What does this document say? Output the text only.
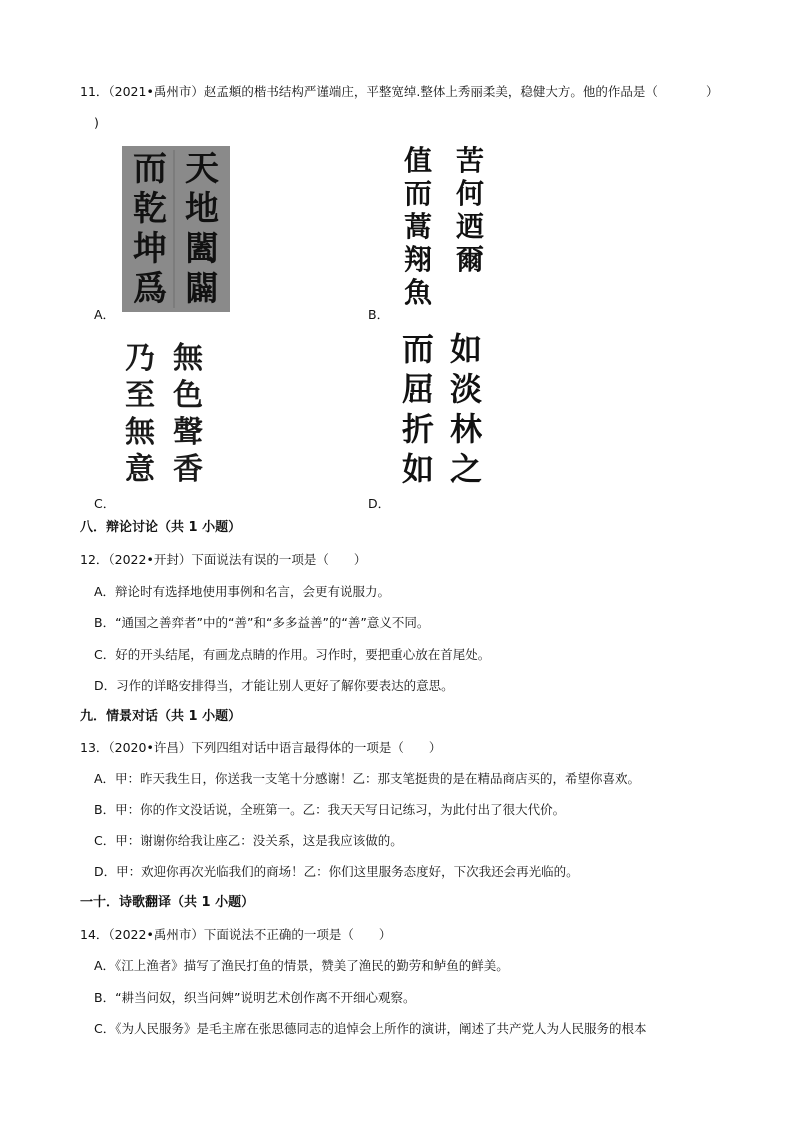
11．（2021•禹州市）赵孟頫的楷书结构严谨端庄，平整宽绰.整体上秀丽柔美，稳健大方。他的作品是（	）
)
天
地
闔
闢
而
乾
坤
爲
A．
苦
何
迺
爾
值
而
蒿
翔
魚
B．
無
色
聲
香
乃
至
無
意
C．
如
淡
林
之
而
屈
折
如
D．
八．辩论讨论（共 1 小题）
12．（2022•开封）下面说法有误的一项是（　　）
A．辩论时有选择地使用事例和名言，会更有说服力。
B．“通国之善弈者”中的“善”和“多多益善”的“善”意义不同。
C．好的开头结尾，有画龙点睛的作用。习作时，要把重心放在首尾处。
D．习作的详略安排得当，才能让别人更好了解你要表达的意思。
九．情景对话（共 1 小题）
13．（2020•许昌）下列四组对话中语言最得体的一项是（　　）
A．甲：昨天我生日，你送我一支笔十分感谢！乙：那支笔挺贵的是在精品商店买的，希望你喜欢。
B．甲：你的作文没话说，全班第一。乙：我天天写日记练习，为此付出了很大代价。
C．甲：谢谢你给我让座乙：没关系，这是我应该做的。
D．甲：欢迎你再次光临我们的商场！乙：你们这里服务态度好，下次我还会再光临的。
一十．诗歌翻译（共 1 小题）
14．（2022•禹州市）下面说法不正确的一项是（　　）
A．《江上渔者》描写了渔民打鱼的情景，赞美了渔民的勤劳和鲈鱼的鲜美。
B．“耕当问奴，织当问婢”说明艺术创作离不开细心观察。
C．《为人民服务》是毛主席在张思德同志的追悼会上所作的演讲，阐述了共产党人为人民服务的根本
